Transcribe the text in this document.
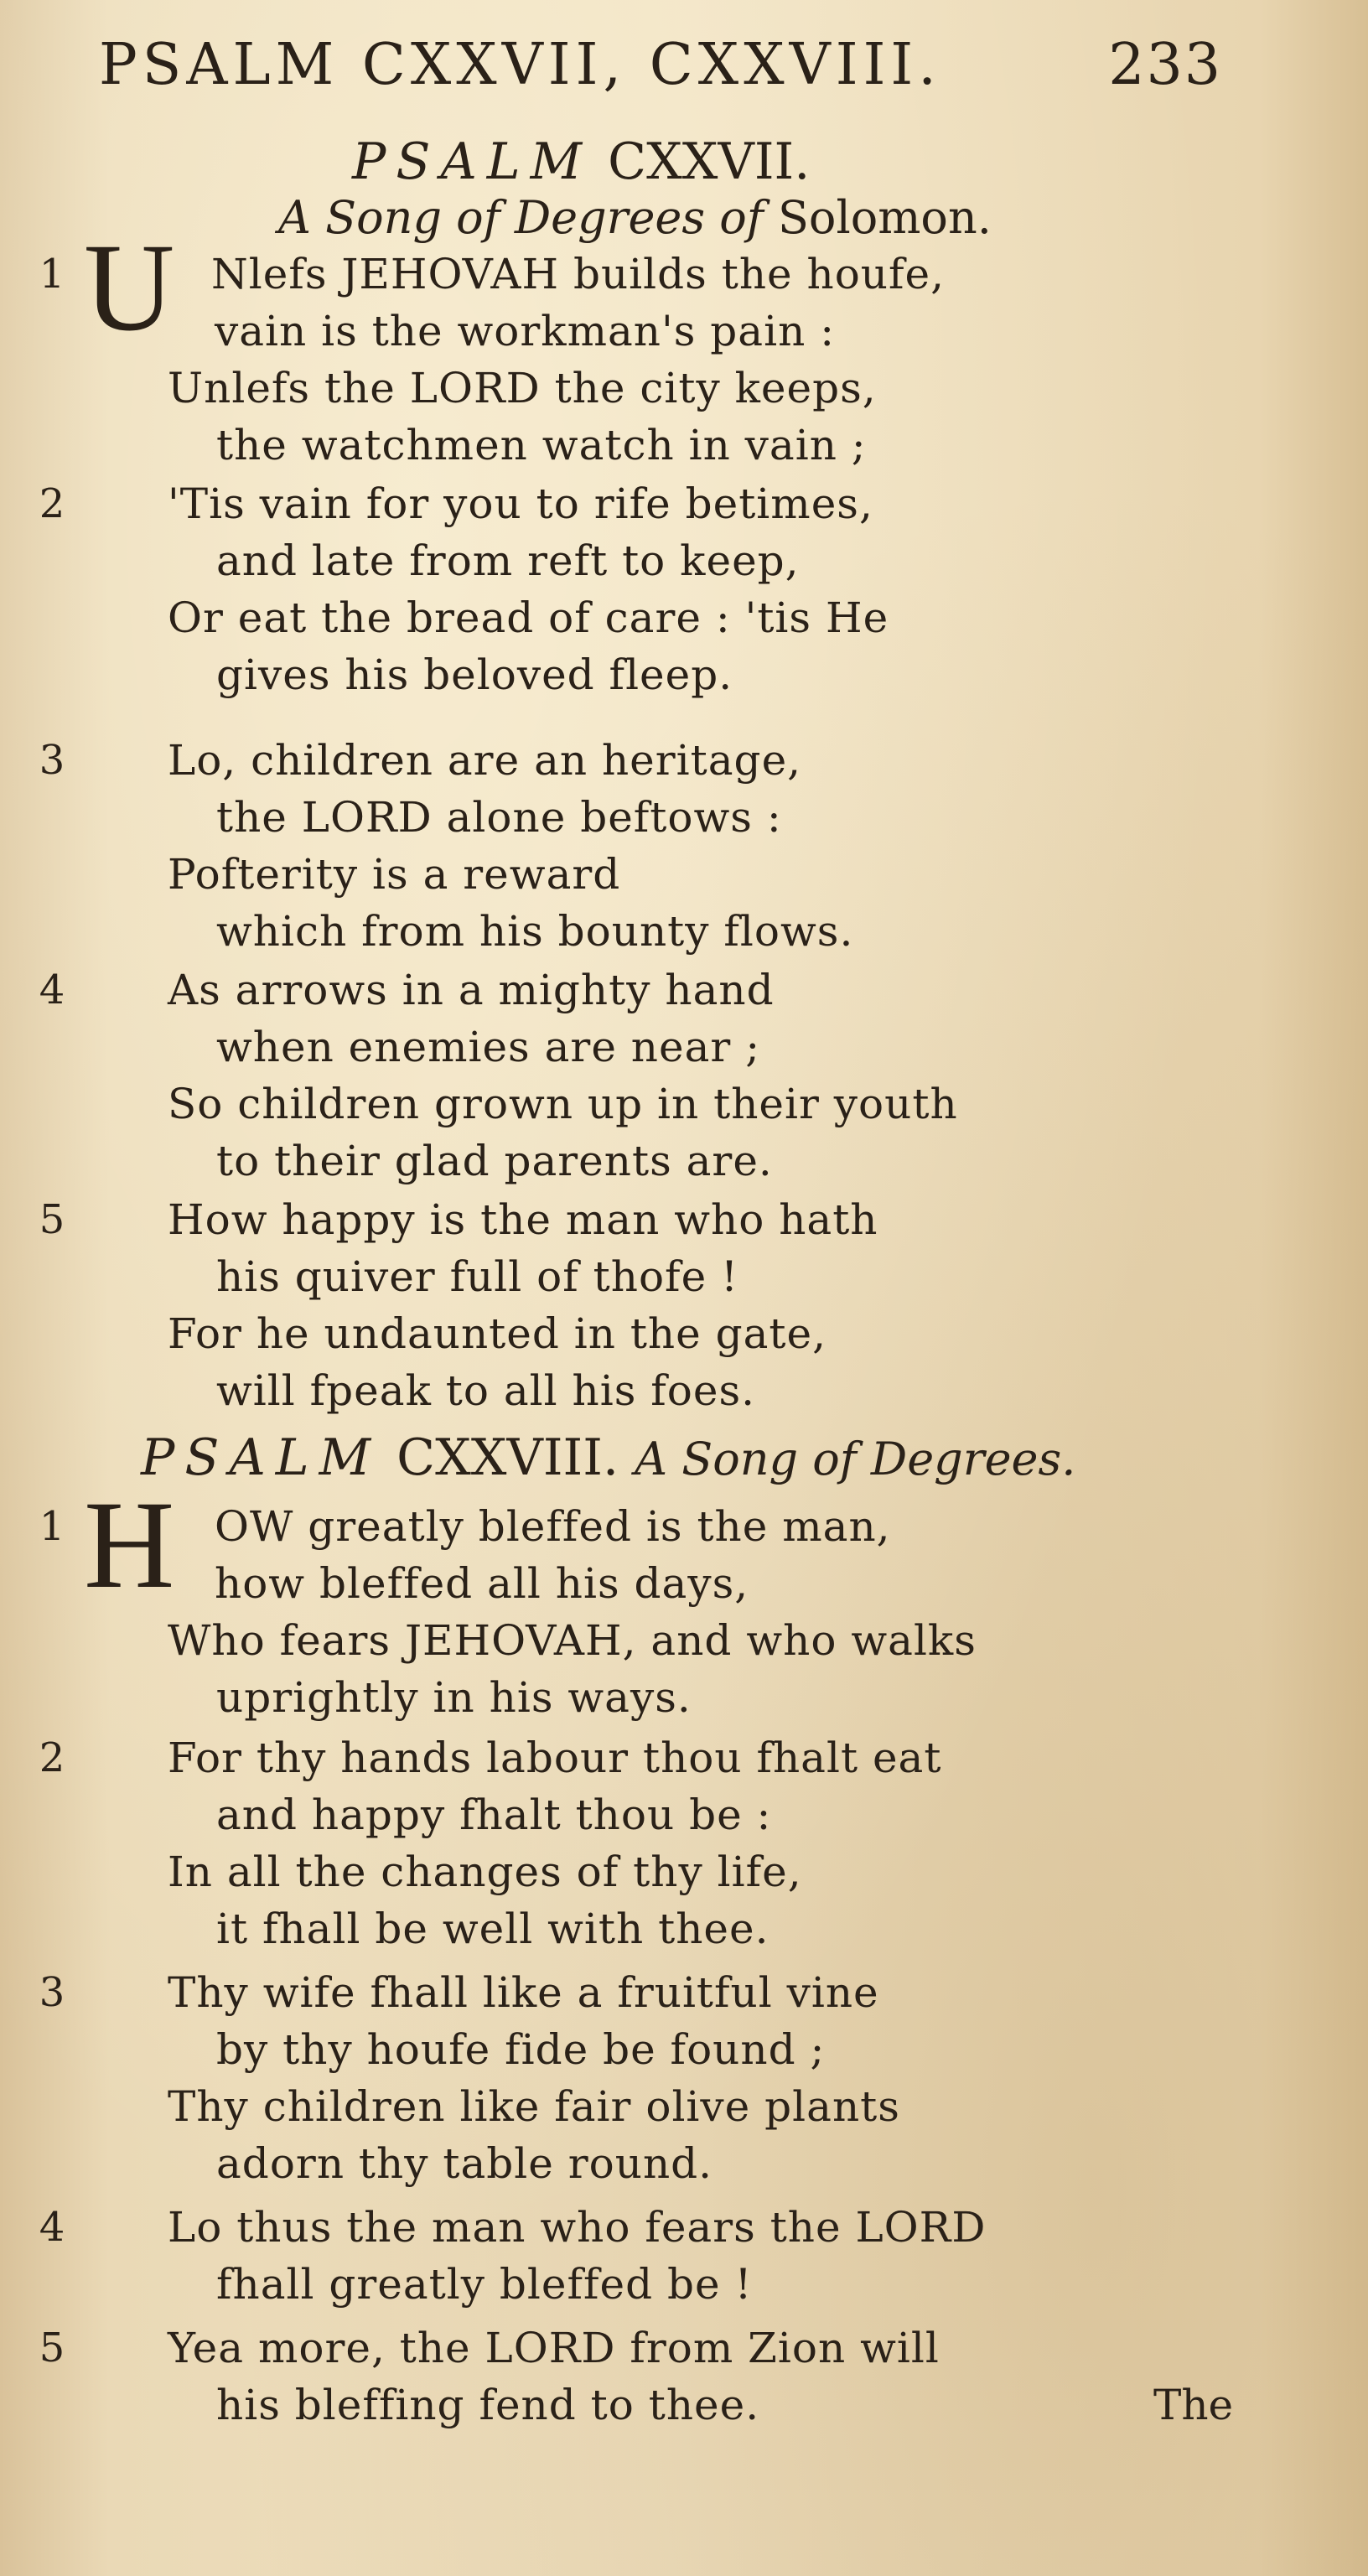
PSALM CXXVII, CXXVIII.	233
PSALM CXXVII.
A Song of Degrees of Solomon.
1 U Nlefs JEHOVAH builds the houfe,
vain is the workman's pain :
Unlefs the LORD the city keeps,
the watchmen watch in vain ;
2 'Tis vain for you to rife betimes,
and late from reft to keep,
Or eat the bread of care : 'tis He
gives his beloved fleep.
3 Lo, children are an heritage,
the LORD alone beftows :
Pofterity is a reward
which from his bounty flows.
4 As arrows in a mighty hand
when enemies are near ;
So children grown up in their youth
to their glad parents are.
5 How happy is the man who hath
his quiver full of thofe !
For he undaunted in the gate,
will fpeak to all his foes.
PSALM CXXVIII. A Song of Degrees.
1 H OW greatly bleffed is the man,
how bleffed all his days,
Who fears JEHOVAH, and who walks
uprightly in his ways.
2 For thy hands labour thou fhalt eat
and happy fhalt thou be :
In all the changes of thy life,
it fhall be well with thee.
3 Thy wife fhall like a fruitful vine
by thy houfe fide be found ;
Thy children like fair olive plants
adorn thy table round.
4 Lo thus the man who fears the LORD
fhall greatly bleffed be !
5 Yea more, the LORD from Zion will
his bleffing fend to thee.	The
